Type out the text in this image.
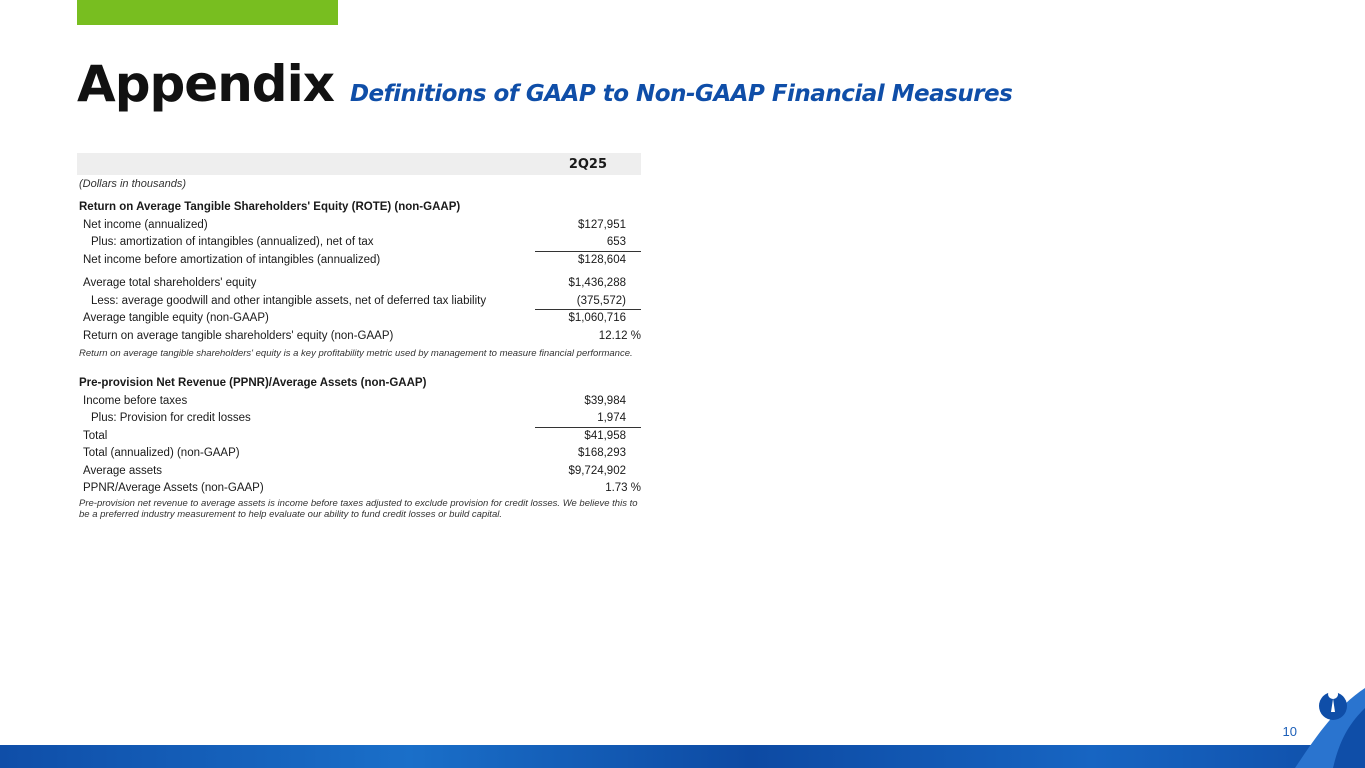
Appendix Definitions of GAAP to Non-GAAP Financial Measures
2Q25
(Dollars in thousands)
Return on Average Tangible Shareholders' Equity (ROTE) (non-GAAP)
Net income (annualized)	$127,951
Plus: amortization of intangibles (annualized), net of tax	653
Net income before amortization of intangibles (annualized)	$128,604
Average total shareholders' equity	$1,436,288
Less: average goodwill and other intangible assets, net of deferred tax liability	(375,572)
Average tangible equity (non-GAAP)	$1,060,716
Return on average tangible shareholders' equity (non-GAAP)	12.12 %
Return on average tangible shareholders' equity is a key profitability metric used by management to measure financial performance.
Pre-provision Net Revenue (PPNR)/Average Assets (non-GAAP)
Income before taxes	$39,984
Plus: Provision for credit losses	1,974
Total	$41,958
Total (annualized) (non-GAAP)	$168,293
Average assets	$9,724,902
PPNR/Average Assets (non-GAAP)	1.73 %
Pre-provision net revenue to average assets is income before taxes adjusted to exclude provision for credit losses. We believe this to be a preferred industry measurement to help evaluate our ability to fund credit losses or build capital.
10
